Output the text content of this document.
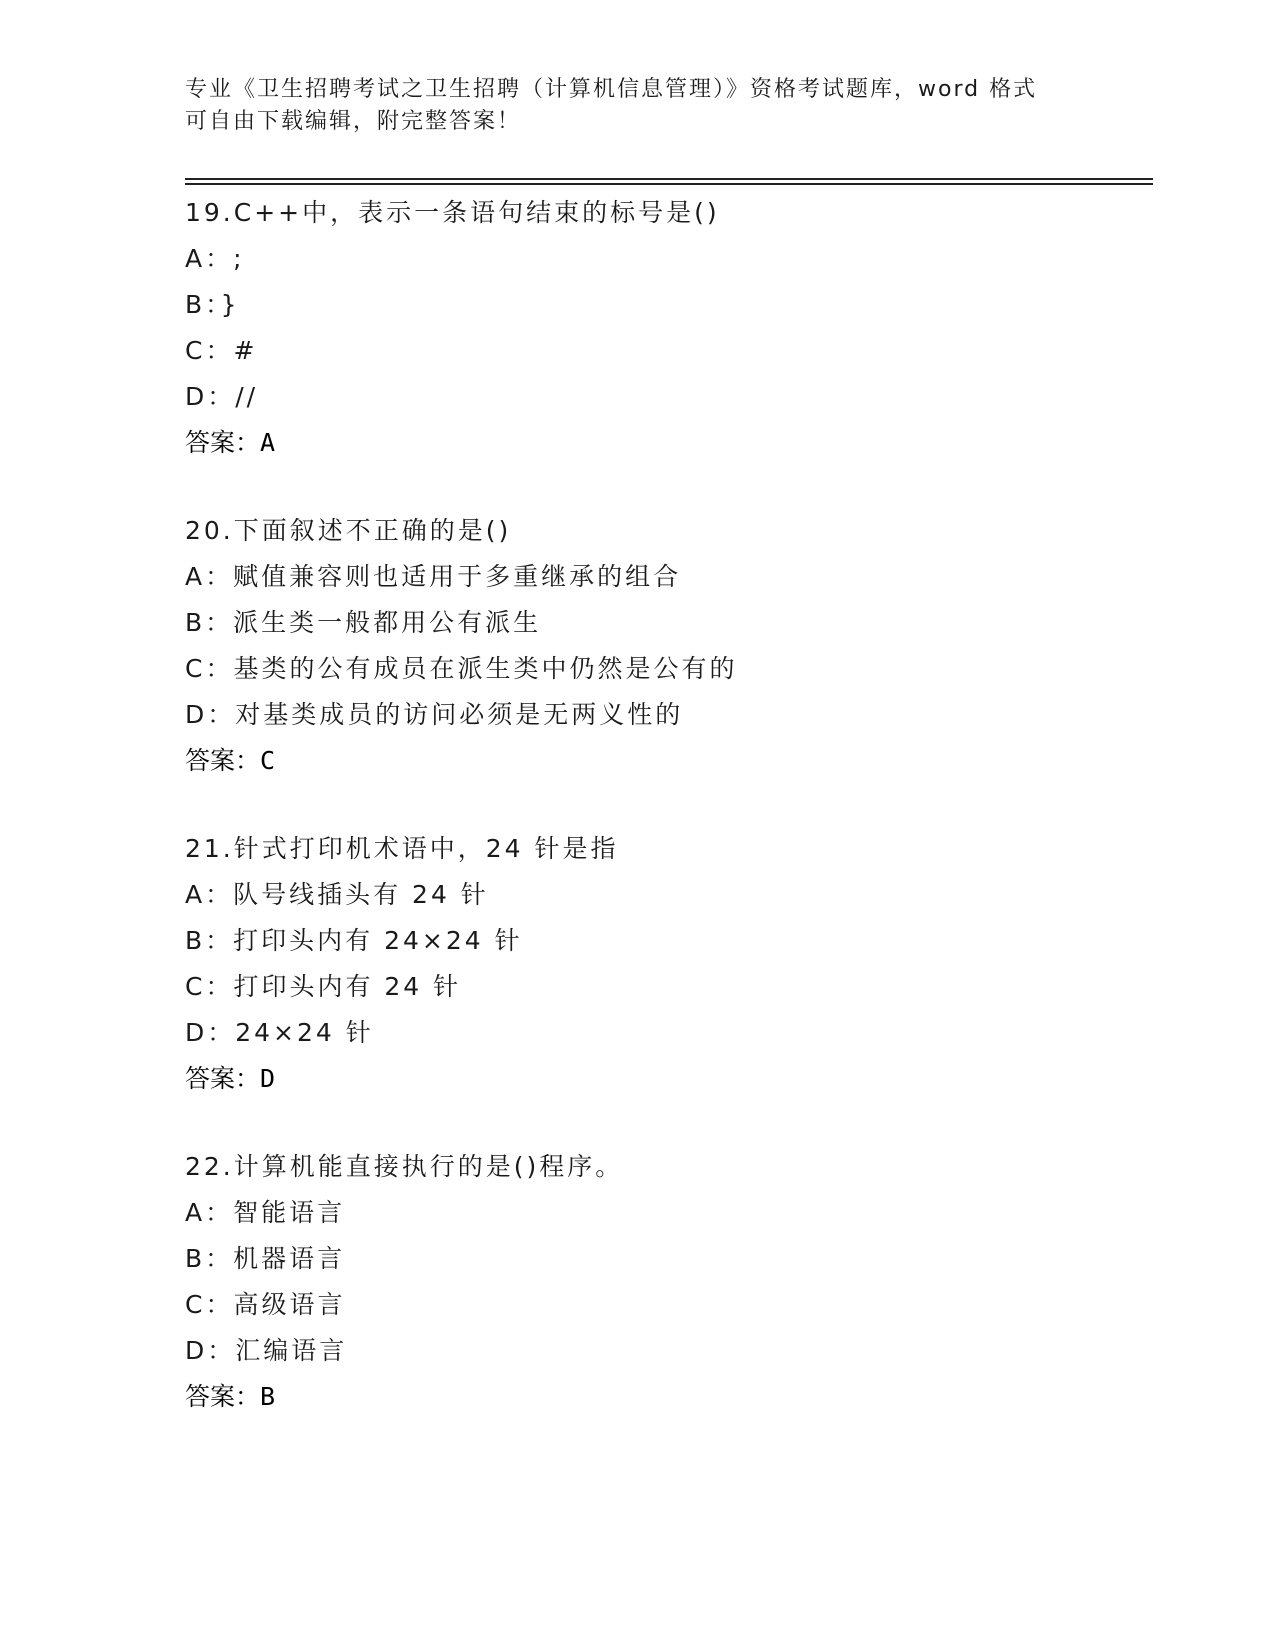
专业《卫生招聘考试之卫生招聘（计算机信息管理）》资格考试题库，word 格式
可自由下载编辑，附完整答案！
19.C++中，表示一条语句结束的标号是()
A：;
B：}
C：#
D：//
答案：A
20.下面叙述不正确的是()
A：赋值兼容则也适用于多重继承的组合
B：派生类一般都用公有派生
C：基类的公有成员在派生类中仍然是公有的
D：对基类成员的访问必须是无两义性的
答案：C
21.针式打印机术语中，24 针是指
A：队号线插头有 24 针
B：打印头内有 24×24 针
C：打印头内有 24 针
D：24×24 针
答案：D
22.计算机能直接执行的是()程序。
A：智能语言
B：机器语言
C：高级语言
D：汇编语言
答案：B
